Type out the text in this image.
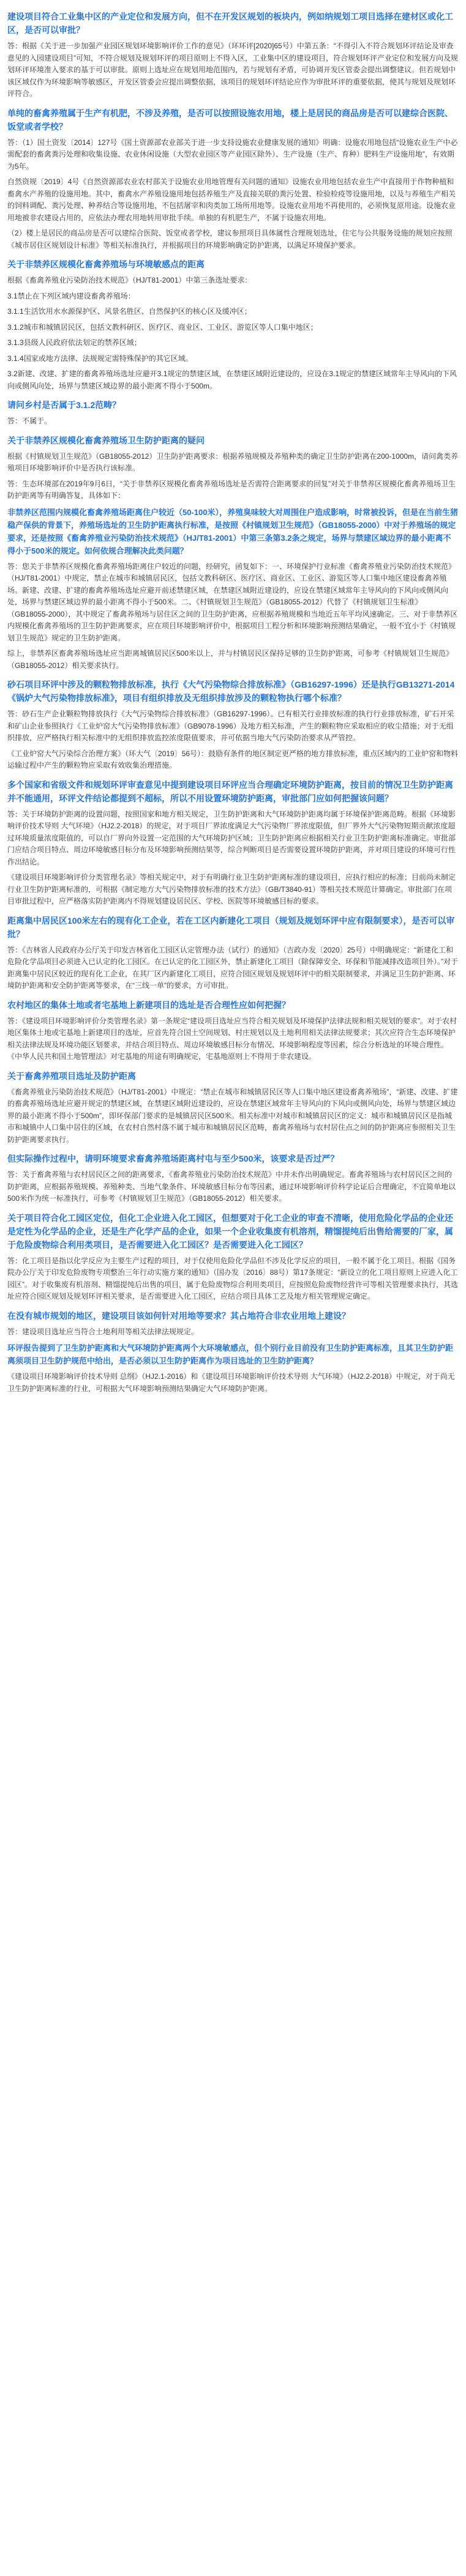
建设项目符合工业集中区的产业定位和发展方向，但不在开发区规划的板块内，例如纳规划工项目选择在建材区或化工区，是否可以审批？
答：根据《关于进一步加强产业园区规划环境影响评价工作的意见》（环环评[2020]65号）中第五条：“不得引入不符合规划环评结论及审查意见的入园建设项目”可知，不符合规划及规划环评的项目原则上不得入区，工业集中区的建设项目，符合规划环评产业定位和发展方向及规划环评环境准入要求的基于可以审批。原则上选址应在规划用地范围内，若与规划有矛盾，可协调开发区管委会提出调整建议。但若规划中该区域仅作为环境影响等敏感区，开发区管委会应提出调整依据，该项目的规划环评结论应作为审批环评的重要依据，使其与规划及规划环评符合。
单纯的畜禽养殖属于生产有机肥，不涉及养殖，是否可以按照设施农用地，楼上是居民的商品房是否可以建综合医院、饭堂或者学校？
答：（1）国土资发〔2014〕127号《国土资源部农业部关于进一步支持设施农业健康发展的通知》明确：设施农用地包括“设施农业生产中必需配套的畜禽粪污处理和收集设施、农业休闲设施（大型农业园区等产业园区除外）、生产设施（生产、育种）肥料生产设施用地”，有效期为5年。
自然资规〔2019〕4号《自然资源部农业农村部关于设施农业用地管理有关问题的通知》设施农业用地包括农业生产中直接用于作物种植和畜禽水产养殖的设施用地。其中，畜禽水产养殖设施用地包括养殖生产及直接关联的粪污处置、检验检疫等设施用地，以及与养殖生产相关的饲料调配、粪污处理、种养结合等设施用地，不包括屠宰和肉类加工场所用地等。设施农业用地不再使用的，必须恢复原用途。设施农业用地被非农建设占用的，应依法办理农用地转用审批手续。单独的有机肥生产，不属于设施农用地。
（2）楼上是居民的商品房是否可以建综合医院、饭堂或者学校，建议参照项目具体属性合理规划选址，住宅与公共服务设施的规划应按照《城市居住区规划设计标准》等相关标准执行，并根据项目的环境影响确定防护距离，以满足环境保护要求。
关于非禁养区规模化畜禽养殖场与环境敏感点的距离
根据《畜禽养殖业污染防治技术规范》（HJ/T81-2001）中第三条选址要求：
3.1禁止在下列区域内建设畜禽养殖场：
3.1.1生活饮用水水源保护区、风景名胜区、自然保护区的核心区及缓冲区；
3.1.2城市和城镇居民区，包括文教科研区、医疗区、商业区、工业区、游览区等人口集中地区；
3.1.3县级人民政府依法划定的禁养区域；
3.1.4国家或地方法律、法规规定需特殊保护的其它区域。
3.2新建、改建、扩建的畜禽养殖场选址应避开3.1规定的禁建区域，在禁建区域附近建设的，应设在3.1规定的禁建区域常年主导风向的下风向或侧风向处，场界与禁建区域边界的最小距离不得小于500m。
请问乡村是否属于3.1.2范畴？
答：不属于。
关于非禁养区规模化畜禽养殖场卫生防护距离的疑问
根据《村镇规划卫生规范》（GB18055-2012）卫生防护距离要求：根据养殖规模及养殖种类的确定卫生防护距离在200-1000m，请问禽类养殖项目环境影响评价中是否执行该标准。
答：生态环境部在2019年9月6日，“关于非禁养区规模化畜禽养殖场选址是否需符合距离要求的回复”对关于非禁养区规模化畜禽养殖场卫生防护距离等有明确答复，具体如下：
非禁养区范围内规模化畜禽养殖场距离住户较近（50-100米），养殖臭味较大对周围住户造成影响，时常被投诉，但是在当前生猪稳产保供的背景下，养殖场选址的卫生防护距离执行标准，是按照《村镇规划卫生规范》（GB18055-2000）中对于养殖场的规定要求，还是按照《畜禽养殖业污染防治技术规范》（HJ/T81-2001）中第三条第3.2条之规定，场界与禁建区域边界的最小距离不得小于500米的规定。如何依规合理解决此类问题？
答：您关于非禁养区规模化畜禽养殖场距离住户较近的问题，经研究，函复如下：一、环境保护行业标准《畜禽养殖业污染防治技术规范》（HJ/T81-2001）中规定，禁止在城市和城镇居民区，包括文教科研区、医疗区、商业区、工业区、游览区等人口集中地区建设畜禽养殖场。新建、改建、扩建的畜禽养殖场选址应避开前述禁建区域，在禁建区域附近建设的，应设在禁建区域常年主导风向的下风向或侧风向处，场界与禁建区域边界的最小距离不得小于500米。二、《村镇规划卫生规范》（GB18055-2012）代替了《村镇规划卫生标准》（GB18055-2000），其中规定了畜禽养殖场与居住区之间的卫生防护距离，应根据养殖规模和当地近五年平均风速确定。三、对于非禁养区内规模化畜禽养殖场的卫生防护距离要求，应在项目环境影响评价中，根据项目工程分析和环境影响预测结果确定，一般不宜小于《村镇规划卫生规范》规定的卫生防护距离。
综上，非禁养区畜禽养殖场选址应当距离城镇居民区500米以上，并与村镇居民区保持足够的卫生防护距离，可参考《村镇规划卫生规范》（GB18055-2012）相关要求执行。
砂石项目环评中涉及的颗粒物排放标准，执行《大气污染物综合排放标准》（GB16297-1996）还是执行GB13271-2014《锅炉大气污染物排放标准》，项目有组织排放及无组织排放涉及的颗粒物执行哪个标准？
答：砂石生产企业颗粒物排放执行《大气污染物综合排放标准》（GB16297-1996）。已有相关行业排放标准的执行行业排放标准，矿石开采和矿山企业参照执行《工业炉窑大气污染物排放标准》（GB9078-1996）及地方相关标准，产生的颗粒物应采取相应的收尘措施；对于无组织排放，应严格执行相关标准中的无组织排放监控浓度限值要求，并可依据当地大气污染防治要求从严管控。
《工业炉窑大气污染综合治理方案》（环大气〔2019〕56号）：鼓励有条件的地区制定更严格的地方排放标准，重点区域内的工业炉窑和物料运输过程中产生的颗粒物应采取有效收集治理措施。
多个国家和省级文件和规划环评审查意见中提到建设项目环评应当合理确定环境防护距离，按目前的情况卫生防护距离并不能通用，环评文件结论都提到不超标，所以不用设置环境防护距离，审批部门应如何把握该问题？
答：关于环境防护距离的设置问题，按照国家和地方相关规定，卫生防护距离和大气环境防护距离均属于环境保护距离范畴。根据《环境影响评价技术导则 大气环境》（HJ2.2-2018）的规定，对于项目厂界浓度满足大气污染物厂界浓度限值，但厂界外大气污染物短期贡献浓度超过环境质量浓度限值的，可以自厂界向外设置一定范围的大气环境防护区域；卫生防护距离应根据相关行业卫生防护距离标准确定。审批部门应结合项目特点、周边环境敏感目标分布及环境影响预测结果等，综合判断项目是否需要设置环境防护距离，并对项目建设的环境可行性作出结论。
《建设项目环境影响评价分类管理名录》等相关规定中，对于有明确行业卫生防护距离标准的建设项目，应执行相应的标准；目前尚未制定行业卫生防护距离标准的，可根据《制定地方大气污染物排放标准的技术方法》（GB/T3840-91）等相关技术规范计算确定。审批部门在项目审批过程中，应严格落实防护距离内不得规划建设居民区、学校、医院等环境敏感目标的要求。
距离集中居民区100米左右的现有化工企业，若在工区内新建化工项目（规划及规划环评中应有限制要求），是否可以审批？
答：《吉林省人民政府办公厅关于印发吉林省化工园区认定管理办法（试行）的通知》（吉政办发〔2020〕25号）中明确规定：“新建化工和危险化学品项目必须进入已认定的化工园区。在已认定的化工园区外，禁止新建化工项目（除保障安全、环保和节能减排改造项目外）。”对于距离集中居民区较近的现有化工企业，在其厂区内新建化工项目，应符合园区规划及规划环评中的相关限制要求，并满足卫生防护距离、环境防护距离和安全防护距离等要求，在“三线一单”的要求，方可审批。
农村地区的集体土地或者宅基地上新建项目的选址是否合理性应如何把握？
答：《建设项目环境影响评价分类管理名录》第一条规定“建设项目选址应当符合相关规划及环境保护法律法规和相关规划的要求”。对于农村地区集体土地或宅基地上新建项目的选址，应首先符合国土空间规划、村庄规划以及土地利用相关法律法规要求；其次应符合生态环境保护相关法律法规及环境功能区划要求，并结合项目特点、周边环境敏感目标分布情况、环境影响程度等因素，综合分析选址的环境合理性。《中华人民共和国土地管理法》对宅基地的用途有明确规定，宅基地原则上不得用于非农建设。
关于畜禽养殖项目选址及防护距离
《畜禽养殖业污染防治技术规范》（HJ/T81-2001）中规定：“禁止在城市和城镇居民区等人口集中地区建设畜禽养殖场”，“新建、改建、扩建的畜禽养殖场选址应避开规定的禁建区域，在禁建区域附近建设的，应设在禁建区域常年主导风向的下风向或侧风向处，场界与禁建区域边界的最小距离不得小于500m”，即环保部门要求的是城镇居民区500米。相关标准中对城市和城镇居民区的定义：城市和城镇居民区是指城市和城镇中人口集中居住的区域，在农村自然村落不属于城市和城镇居民区范畴，畜禽养殖场与农村居住点之间的防护距离应参照相关卫生防护距离要求执行。
但实际操作过程中，请明环境要求畜禽养殖场距离村屯与至少500米，该要求是否过严？
答：关于畜禽养殖与农村居民区之间的距离要求，《畜禽养殖业污染防治技术规范》中并未作出明确规定。畜禽养殖场与农村居民区之间的防护距离，应根据养殖规模、养殖种类、当地气象条件、环境敏感目标分布等因素，通过环境影响评价科学论证后合理确定，不宜简单地以500米作为统一标准执行，可参考《村镇规划卫生规范》（GB18055-2012）相关要求。
关于项目符合化工园区定位，但化工企业进入化工园区，但想要对于化工企业的审查不清晰，使用危险化学品的企业还是定性为化学品的企业，还是生产化学产品的企业，如果一个企业收集废有机溶剂，精馏提纯后出售给需要的厂家，属于危险废物综合利用类项目，是否需要进入化工园区？是否需要进入化工园区？
答：化工项目是指以化学反应为主要生产过程的项目，对于仅使用危险化学品但不涉及化学反应的项目，一般不属于化工项目。根据《国务院办公厅关于印发危险废物专项整治三年行动实施方案的通知》（国办发〔2016〕88号）第17条规定：“新设立的化工项目原则上应进入化工园区”。对于收集废有机溶剂、精馏提纯后出售的项目，属于危险废物综合利用类项目，应按照危险废物经营许可等相关管理要求执行，其选址应符合园区规划及规划环评相关要求，是否需要进入化工园区，应结合项目具体工艺及地方相关管理规定确定。
在没有城市规划的地区，建设项目该如何针对用地等要求？其占地符合非农业用地上建设？
答：建设项目选址应当符合土地利用等相关法律法规规定。
环评报告提到了卫生防护距离和大气环境防护距离两个大环境敏感点，但个别行业目前没有卫生防护距离标准，且其卫生防护距离须项目卫生防护规范中给出，是否必须以卫生防护距离作为项目选址的卫生防护距离？
《建设项目环境影响评价技术导则 总纲》（HJ2.1-2016）和《建设项目环境影响评价技术导则 大气环境》（HJ2.2-2018）中规定，对于尚无卫生防护距离标准的行业，可根据大气环境影响预测结果确定大气环境防护距离。
